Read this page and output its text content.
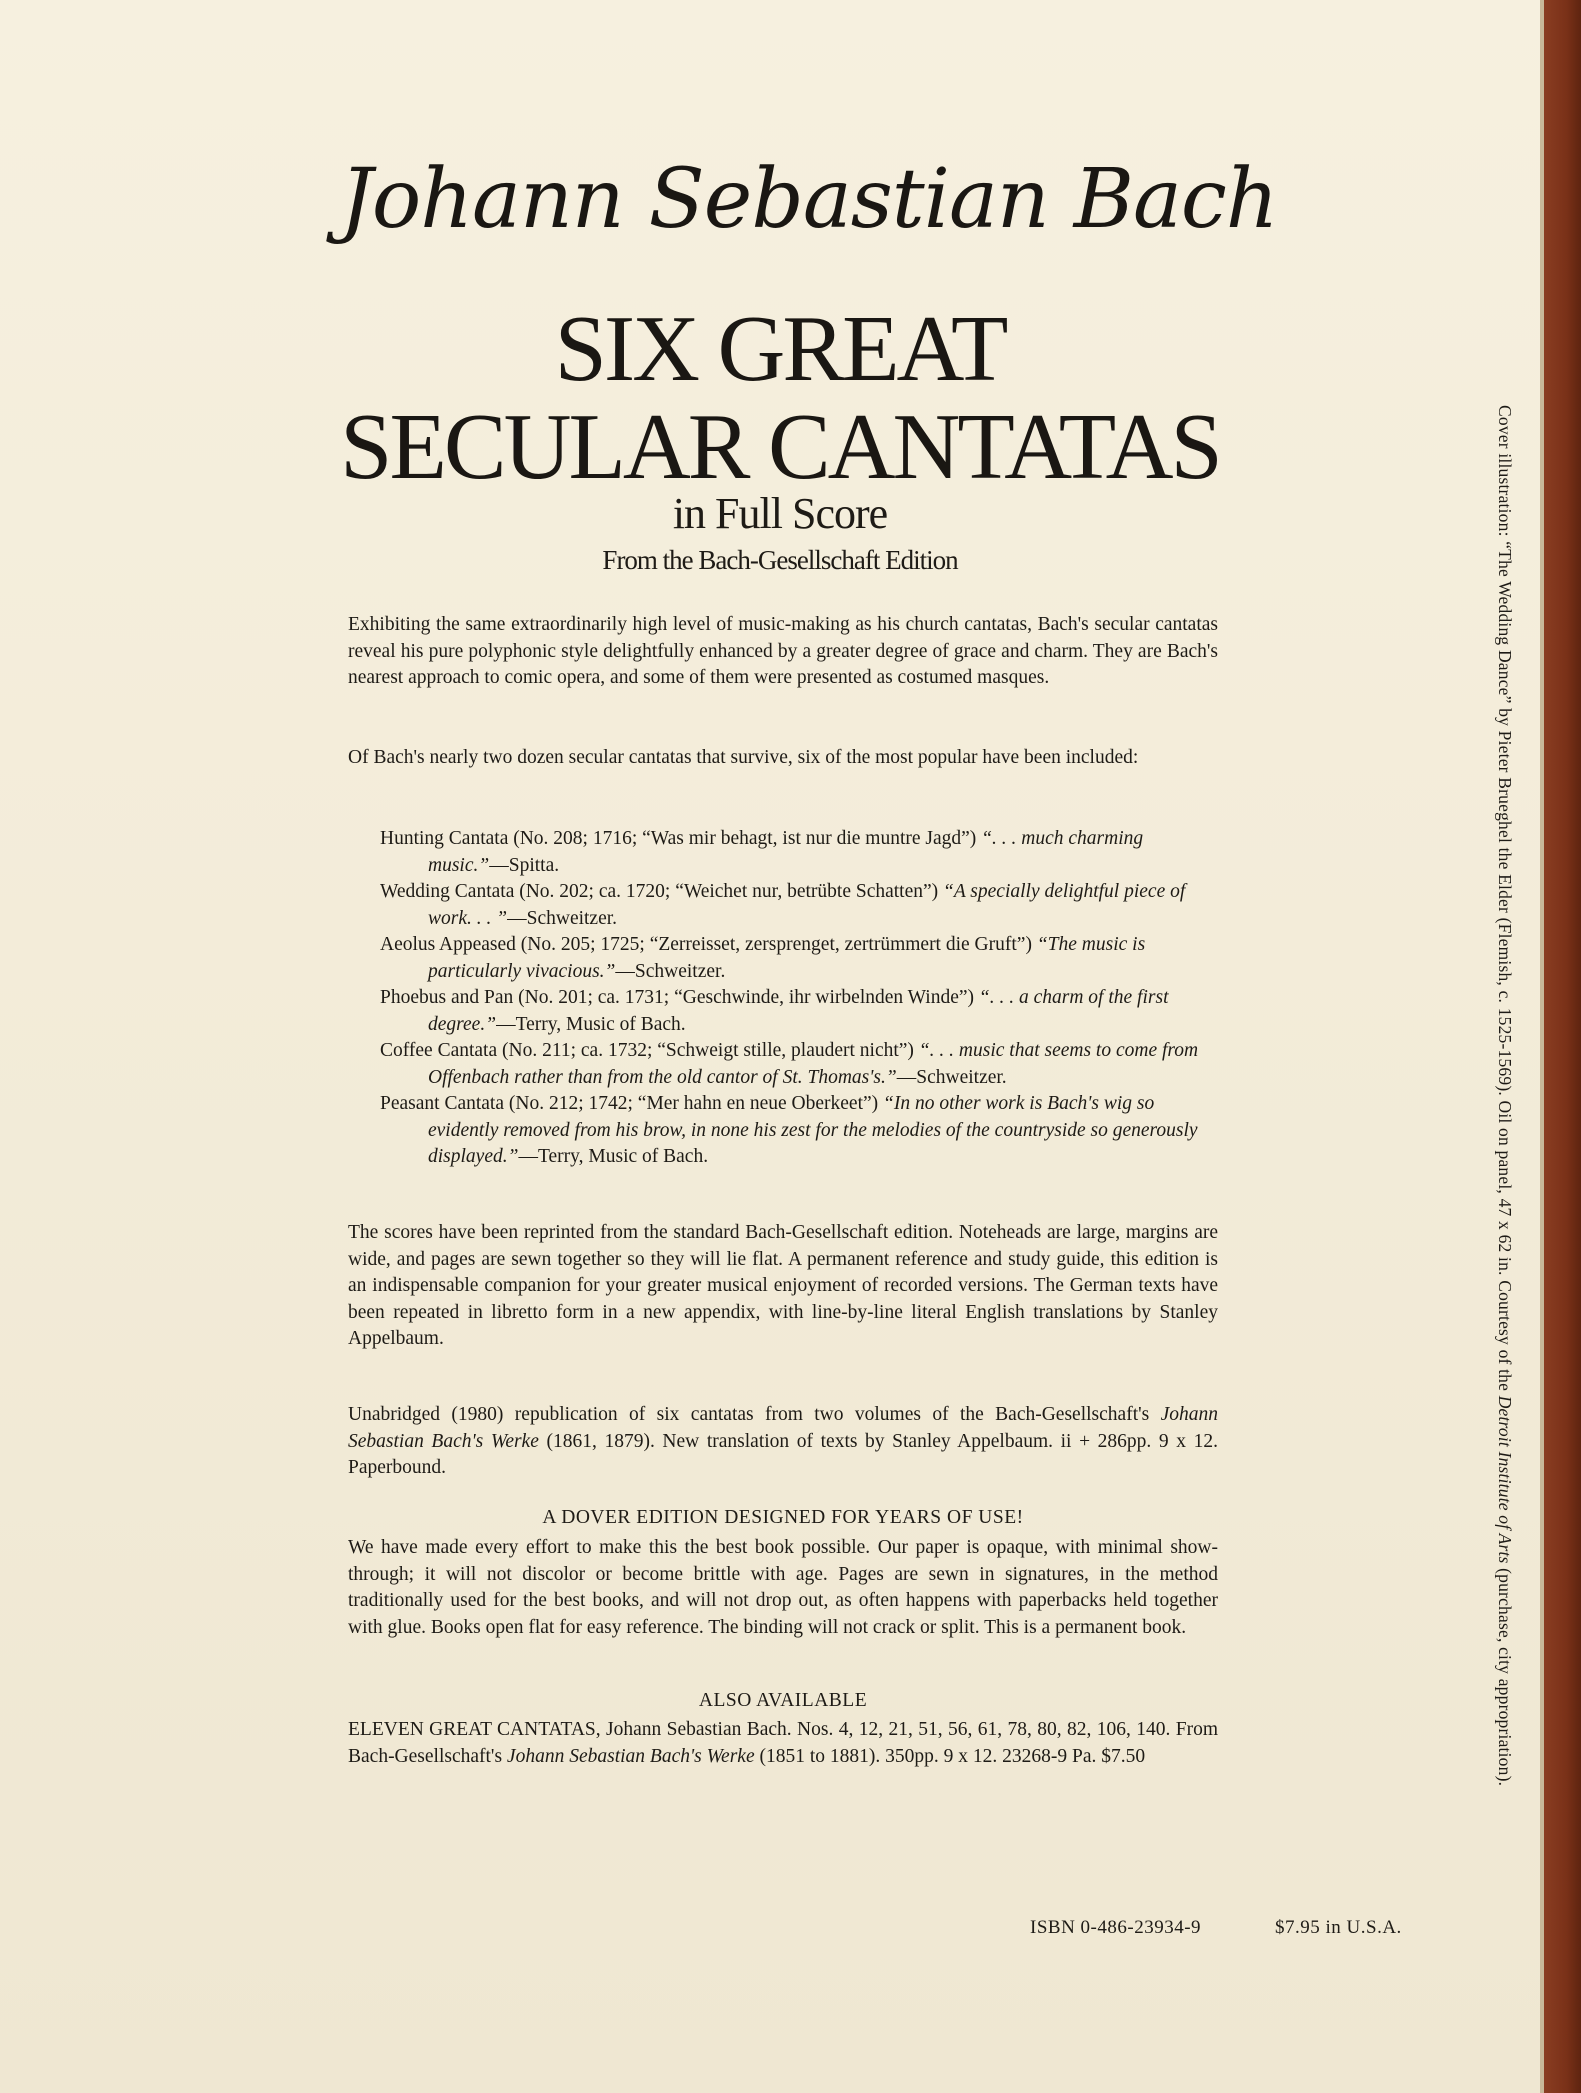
Johann Sebastian Bach
SIX GREAT
SECULAR CANTATAS
in Full Score
From the Bach-Gesellschaft Edition

Exhibiting the same extraordinarily high level of music-making as his church cantatas, Bach's secular cantatas reveal his pure polyphonic style delightfully enhanced by a greater degree of grace and charm. They are Bach's nearest approach to comic opera, and some of them were presented as costumed masques.

Of Bach's nearly two dozen secular cantatas that survive, six of the most popular have been included:

Hunting Cantata (No. 208; 1716; “Was mir behagt, ist nur die muntre Jagd”) “. . . much charming music.”—Spitta.

Wedding Cantata (No. 202; ca. 1720; “Weichet nur, betrübte Schatten”) “A specially delightful piece of work. . . ”—Schweitzer.

Aeolus Appeased (No. 205; 1725; “Zerreisset, zersprenget, zertrümmert die Gruft”) “The music is particularly vivacious.”—Schweitzer.

Phoebus and Pan (No. 201; ca. 1731; “Geschwinde, ihr wirbelnden Winde”) “. . . a charm of the first degree.”—Terry, Music of Bach.

Coffee Cantata (No. 211; ca. 1732; “Schweigt stille, plaudert nicht”) “. . . music that seems to come from Offenbach rather than from the old cantor of St. Thomas's.”—Schweitzer.

Peasant Cantata (No. 212; 1742; “Mer hahn en neue Oberkeet”) “In no other work is Bach's wig so evidently removed from his brow, in none his zest for the melodies of the countryside so generously displayed.”—Terry, Music of Bach.

The scores have been reprinted from the standard Bach-Gesellschaft edition. Noteheads are large, margins are wide, and pages are sewn together so they will lie flat. A permanent reference and study guide, this edition is an indispensable companion for your greater musical enjoyment of recorded versions. The German texts have been repeated in libretto form in a new appendix, with line-by-line literal English translations by Stanley Appelbaum.

Unabridged (1980) republication of six cantatas from two volumes of the Bach-Gesellschaft's Johann Sebastian Bach's Werke (1861, 1879). New translation of texts by Stanley Appelbaum. ii + 286pp. 9 x 12. Paperbound.

A DOVER EDITION DESIGNED FOR YEARS OF USE!

We have made every effort to make this the best book possible. Our paper is opaque, with minimal show-through; it will not discolor or become brittle with age. Pages are sewn in signatures, in the method traditionally used for the best books, and will not drop out, as often happens with paperbacks held together with glue. Books open flat for easy reference. The binding will not crack or split. This is a permanent book.

ALSO AVAILABLE

ELEVEN GREAT CANTATAS, Johann Sebastian Bach. Nos. 4, 12, 21, 51, 56, 61, 78, 80, 82, 106, 140. From Bach-Gesellschaft's Johann Sebastian Bach's Werke (1851 to 1881). 350pp. 9 x 12. 23268-9 Pa. $7.50

ISBN 0-486-23934-9	$7.95 in U.S.A.
Cover illustration: “The Wedding Dance” by Pieter Brueghel the Elder (Flemish, c. 1525-1569). Oil on panel, 47 x 62 in. Courtesy of the Detroit Institute of Arts (purchase, city appropriation).
